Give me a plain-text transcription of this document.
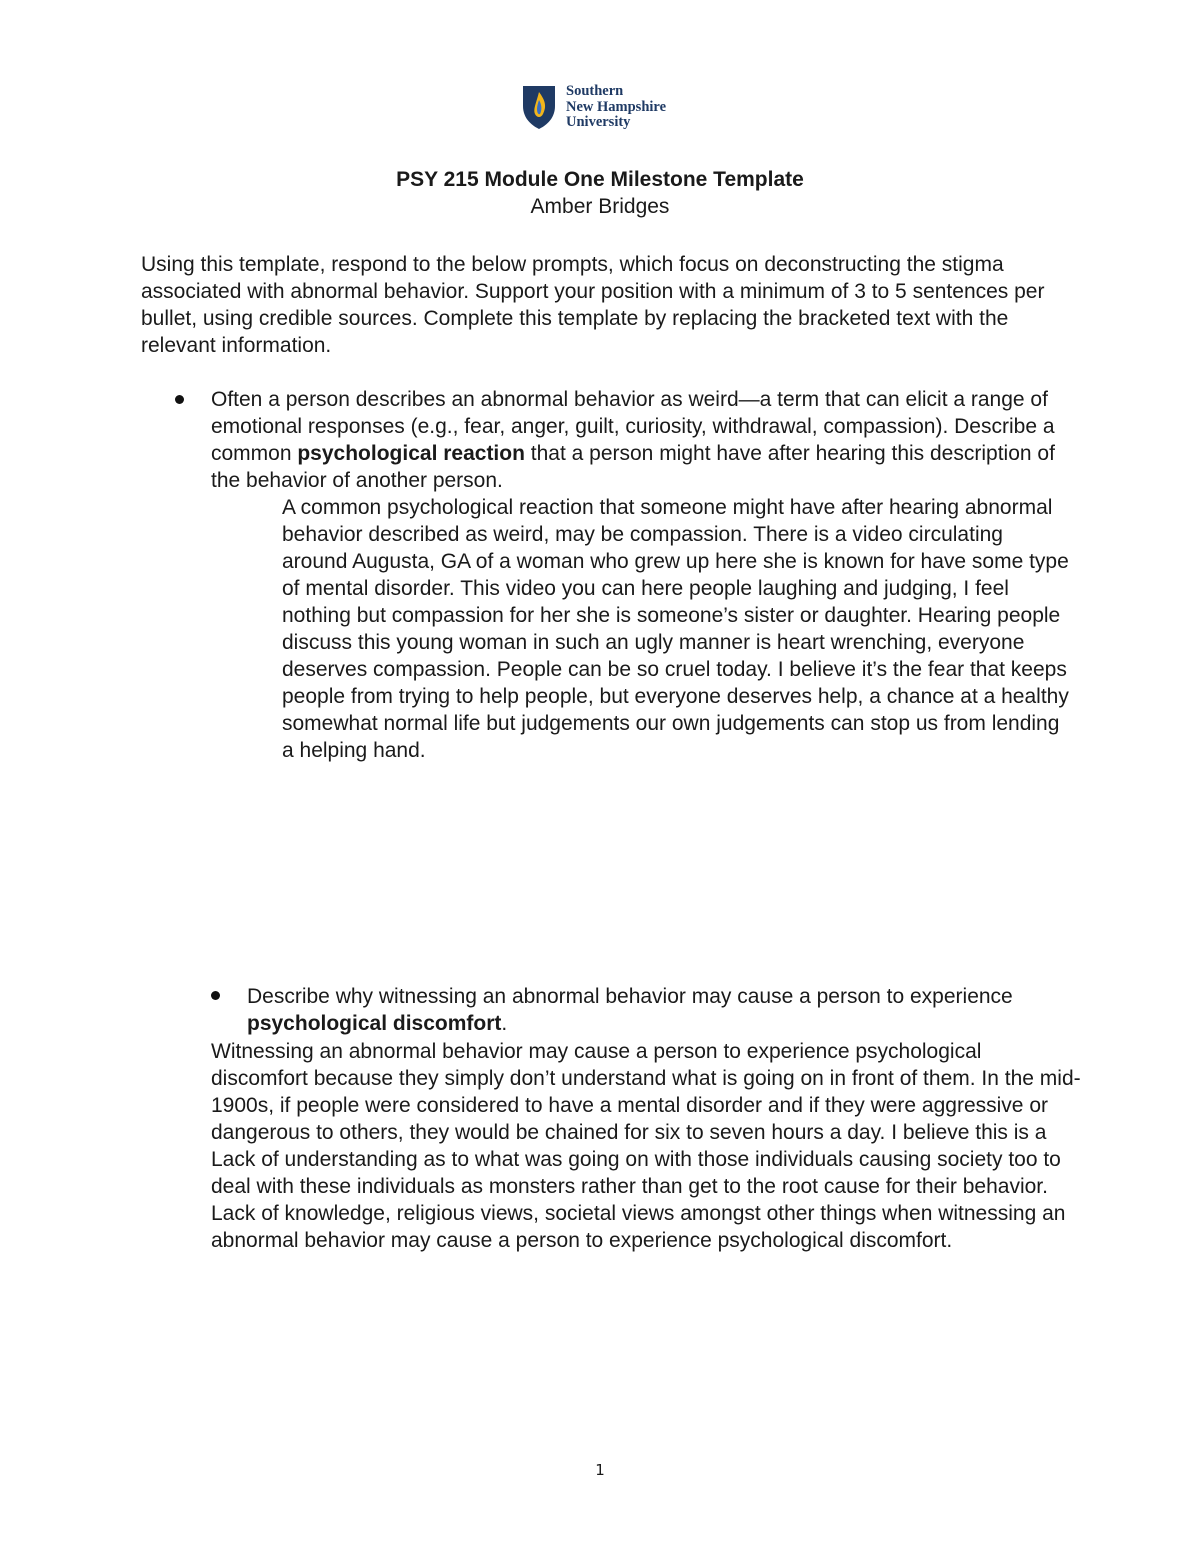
Southern
New Hampshire
University
PSY 215 Module One Milestone Template
Amber Bridges

Using this template, respond to the below prompts, which focus on deconstructing the stigma associated with abnormal behavior. Support your position with a minimum of 3 to 5 sentences per bullet, using credible sources. Complete this template by replacing the bracketed text with the relevant information.

Often a person describes an abnormal behavior as weird—a term that can elicit a range of emotional responses (e.g., fear, anger, guilt, curiosity, withdrawal, compassion). Describe a common psychological reaction that a person might have after hearing this description of the behavior of another person.

A common psychological reaction that someone might have after hearing abnormal behavior described as weird, may be compassion. There is a video circulating around Augusta, GA of a woman who grew up here she is known for have some type of mental disorder. This video you can here people laughing and judging, I feel nothing but compassion for her she is someone’s sister or daughter. Hearing people discuss this young woman in such an ugly manner is heart wrenching, everyone deserves compassion. People can be so cruel today. I believe it’s the fear that keeps people from trying to help people, but everyone deserves help, a chance at a healthy somewhat normal life but judgements our own judgements can stop us from lending a helping hand.

Describe why witnessing an abnormal behavior may cause a person to experience psychological discomfort.

Witnessing an abnormal behavior may cause a person to experience psychological discomfort because they simply don’t understand what is going on in front of them. In the mid-1900s, if people were considered to have a mental disorder and if they were aggressive or dangerous to others, they would be chained for six to seven hours a day. I believe this is a Lack of understanding as to what was going on with those individuals causing society too to deal with these individuals as monsters rather than get to the root cause for their behavior. Lack of knowledge, religious views, societal views amongst other things when witnessing an abnormal behavior may cause a person to experience psychological discomfort.

1
